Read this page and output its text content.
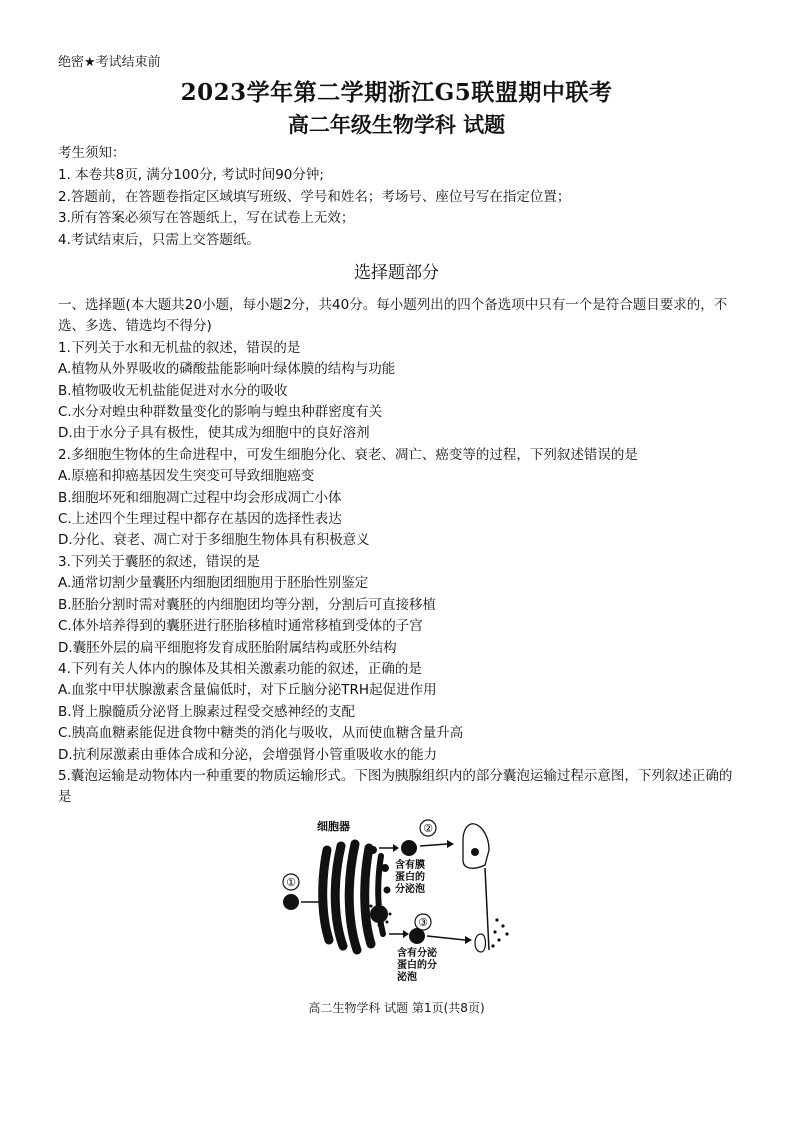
绝密★考试结束前
2023学年第二学期浙江G5联盟期中联考
高二年级生物学科 试题
考生须知：
1. 本卷共8页, 满分100分, 考试时间90分钟;
2.答题前，在答题卷指定区域填写班级、学号和姓名；考场号、座位号写在指定位置；
3.所有答案必须写在答题纸上，写在试卷上无效；
4.考试结束后，只需上交答题纸。
选择题部分
一、选择题(本大题共20小题，每小题2分，共40分。每小题列出的四个备选项中只有一个是符合题目要求的，不选、多选、错选均不得分)
1.下列关于水和无机盐的叙述，错误的是
A.植物从外界吸收的磷酸盐能影响叶绿体膜的结构与功能
B.植物吸收无机盐能促进对水分的吸收
C.水分对蝗虫种群数量变化的影响与蝗虫种群密度有关
D.由于水分子具有极性，使其成为细胞中的良好溶剂
2.多细胞生物体的生命进程中，可发生细胞分化、衰老、凋亡、癌变等的过程，下列叙述错误的是
A.原癌和抑癌基因发生突变可导致细胞癌变
B.细胞坏死和细胞凋亡过程中均会形成凋亡小体
C.上述四个生理过程中都存在基因的选择性表达
D.分化、衰老、凋亡对于多细胞生物体具有积极意义
3.下列关于囊胚的叙述，错误的是
A.通常切割少量囊胚内细胞团细胞用于胚胎性别鉴定
B.胚胎分割时需对囊胚的内细胞团均等分割，分割后可直接移植
C.体外培养得到的囊胚进行胚胎移植时通常移植到受体的子宫
D.囊胚外层的扁平细胞将发育成胚胎附属结构或胚外结构
4.下列有关人体内的腺体及其相关激素功能的叙述，正确的是
A.血浆中甲状腺激素含量偏低时，对下丘脑分泌TRH起促进作用
B.肾上腺髓质分泌肾上腺素过程受交感神经的支配
C.胰高血糖素能促进食物中糖类的消化与吸收，从而使血糖含量升高
D.抗利尿激素由垂体合成和分泌，会增强肾小管重吸收水的能力
5.囊泡运输是动物体内一种重要的物质运输形式。下图为胰腺组织内的部分囊泡运输过程示意图，下列叙述正确的是
细胞器
①
②
含有膜
蛋白的
分泌泡
③
含有分泌
蛋白的分
泌泡
高二生物学科 试题 第1页(共8页)
